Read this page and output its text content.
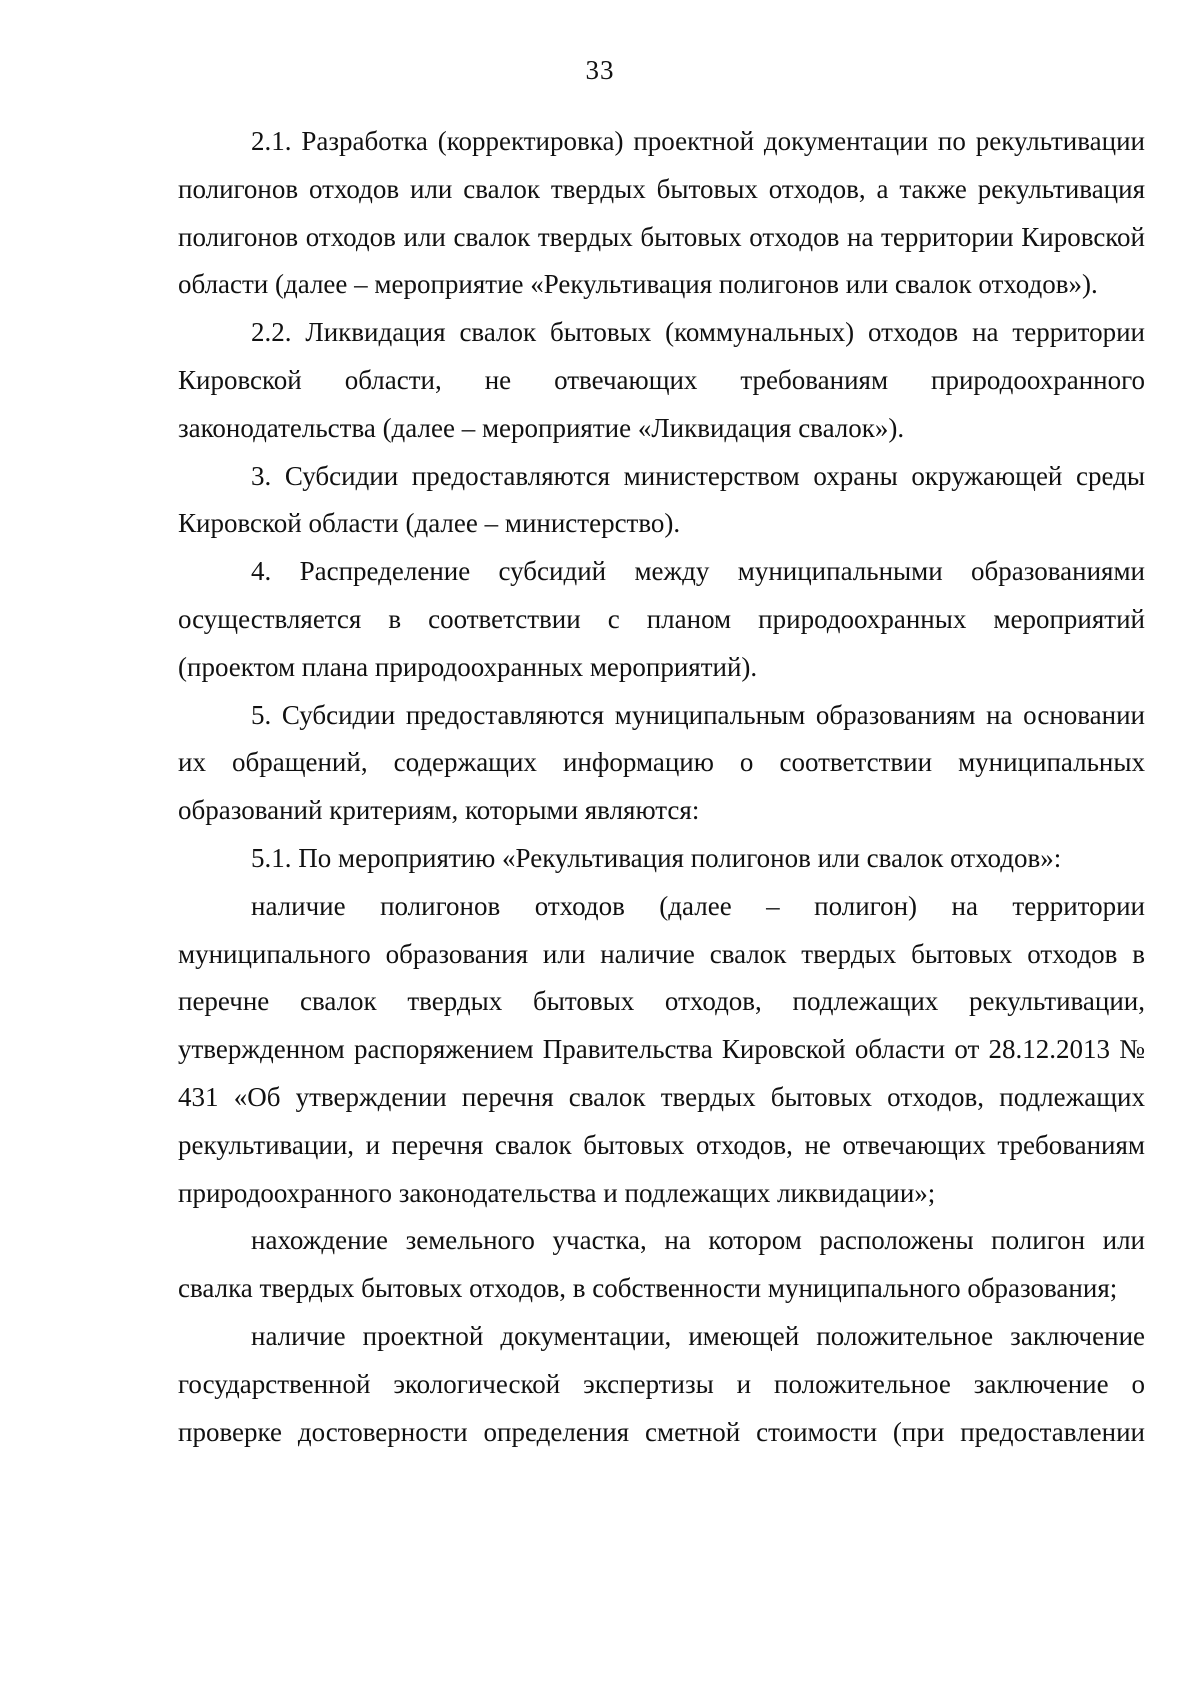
33

2.1. Разработка (корректировка) проектной документации по рекультивации полигонов отходов или свалок твердых бытовых отходов, а также рекультивация полигонов отходов или свалок твердых бытовых отходов на территории Кировской области (далее – мероприятие «Рекультивация полигонов или свалок отходов»).

2.2. Ликвидация свалок бытовых (коммунальных) отходов на территории Кировской области, не отвечающих требованиям природоохранного законодательства (далее – мероприятие «Ликвидация свалок»).

3. Субсидии предоставляются министерством охраны окружающей среды Кировской области (далее – министерство).

4. Распределение субсидий между муниципальными образованиями осуществляется в соответствии с планом природоохранных мероприятий (проектом плана природоохранных мероприятий).

5. Субсидии предоставляются муниципальным образованиям на основании их обращений, содержащих информацию о соответствии муниципальных образований критериям, которыми являются:

5.1. По мероприятию «Рекультивация полигонов или свалок отходов»:

наличие полигонов отходов (далее – полигон) на территории муниципального образования или наличие свалок твердых бытовых отходов в перечне свалок твердых бытовых отходов, подлежащих рекультивации, утвержденном распоряжением Правительства Кировской области от 28.12.2013 № 431 «Об утверждении перечня свалок твердых бытовых отходов, подлежащих рекультивации, и перечня свалок бытовых отходов, не отвечающих требованиям природоохранного законодательства и подлежащих ликвидации»;

нахождение земельного участка, на котором расположены полигон или свалка твердых бытовых отходов, в собственности муниципального образования;

наличие проектной документации, имеющей положительное заключение государственной экологической экспертизы и положительное заключение о проверке достоверности определения сметной стоимости (при предоставлении
